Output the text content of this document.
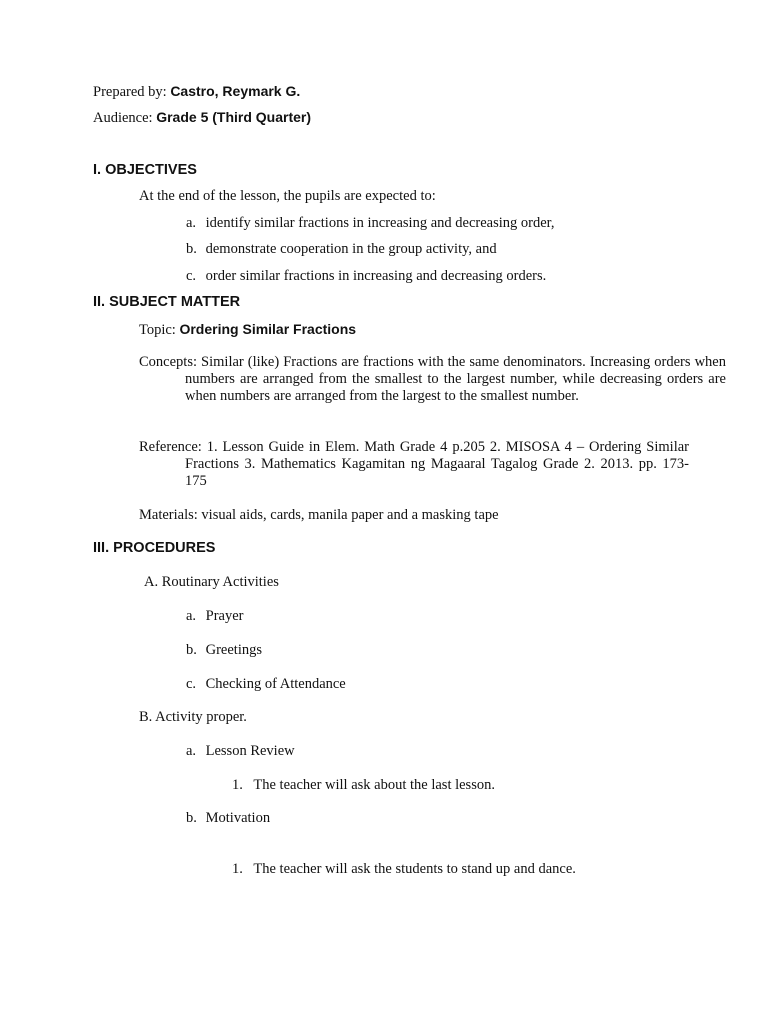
Prepared by: Castro, Reymark G.
Audience: Grade 5 (Third Quarter)
I. OBJECTIVES
At the end of the lesson, the pupils are expected to:
a. identify similar fractions in increasing and decreasing order,
b. demonstrate cooperation in the group activity, and
c. order similar fractions in increasing and decreasing orders.
II. SUBJECT MATTER
Topic: Ordering Similar Fractions
Concepts: Similar (like) Fractions are fractions with the same denominators. Increasing orders when numbers are arranged from the smallest to the largest number, while decreasing orders are when numbers are arranged from the largest to the smallest number.
Reference: 1. Lesson Guide in Elem. Math Grade 4 p.205 2. MISOSA 4 – Ordering Similar Fractions 3. Mathematics Kagamitan ng Magaaral Tagalog Grade 2. 2013. pp. 173-175
Materials: visual aids, cards, manila paper and a masking tape
III. PROCEDURES
A. Routinary Activities
a. Prayer
b. Greetings
c. Checking of Attendance
B. Activity proper.
a. Lesson Review
1. The teacher will ask about the last lesson.
b. Motivation
1. The teacher will ask the students to stand up and dance.
